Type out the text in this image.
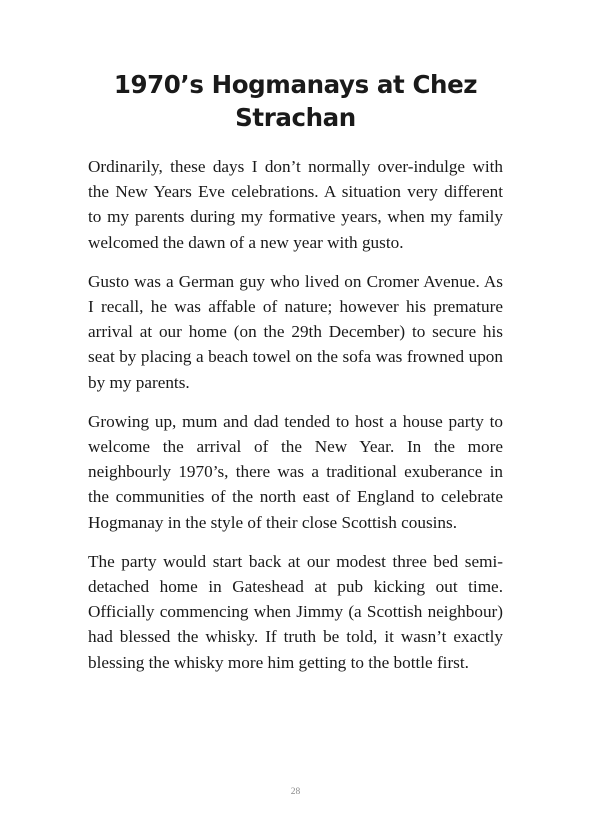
1970’s Hogmanays at Chez Strachan

Ordinarily, these days I don’t normally over-indulge with the New Years Eve celebrations. A situation very different to my parents during my formative years, when my family welcomed the dawn of a new year with gusto.

Gusto was a German guy who lived on Cromer Avenue. As I recall, he was affable of nature; however his premature arrival at our home (on the 29th December) to secure his seat by placing a beach towel on the sofa was frowned upon by my parents.

Growing up, mum and dad tended to host a house party to welcome the arrival of the New Year. In the more neighbourly 1970’s, there was a traditional exuberance in the communities of the north east of England to celebrate Hogmanay in the style of their close Scottish cousins.

The party would start back at our modest three bed semi-detached home in Gateshead at pub kicking out time. Officially commencing when Jimmy (a Scottish neighbour) had blessed the whisky. If truth be told, it wasn’t exactly blessing the whisky more him getting to the bottle first.

28
